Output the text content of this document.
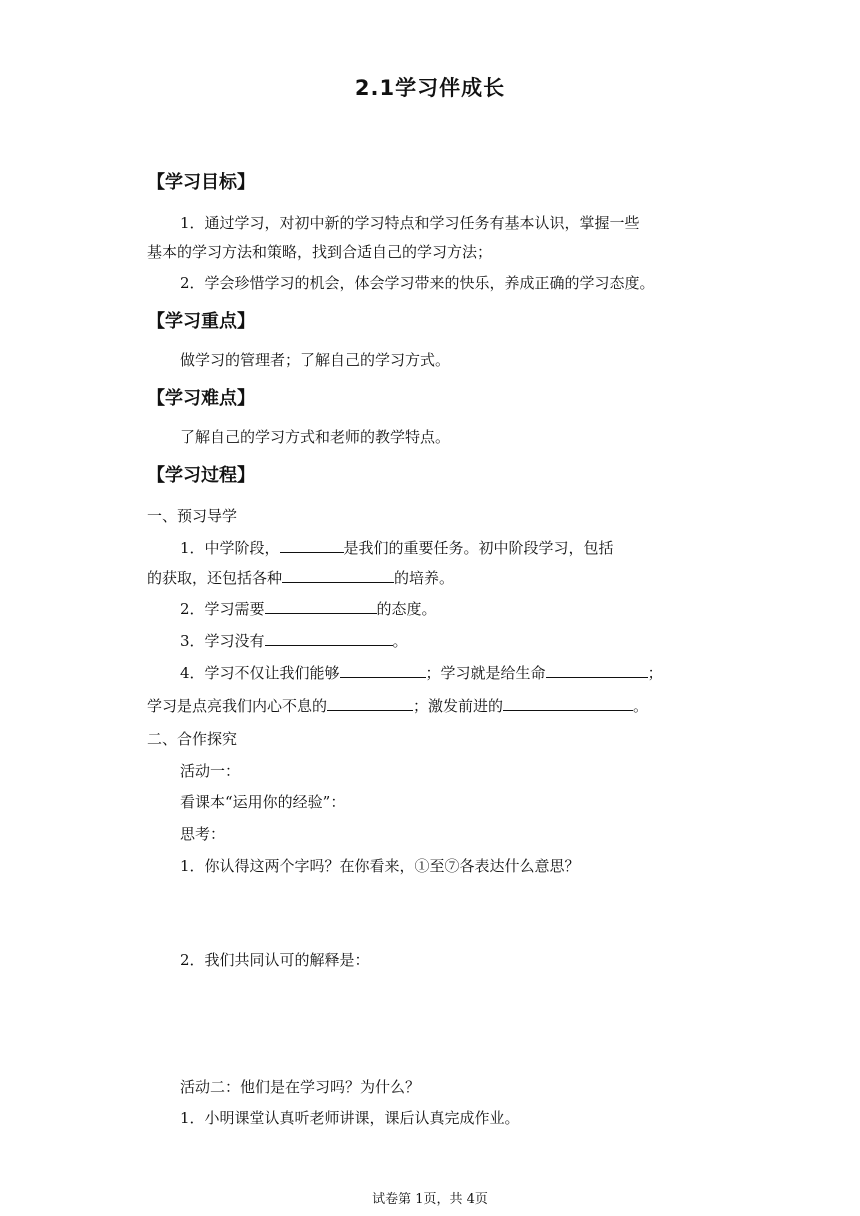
2.1学习伴成长
【学习目标】
1．通过学习，对初中新的学习特点和学习任务有基本认识，掌握一些
基本的学习方法和策略，找到合适自己的学习方法；
2．学会珍惜学习的机会，体会学习带来的快乐，养成正确的学习态度。
【学习重点】
做学习的管理者；了解自己的学习方式。
【学习难点】
了解自己的学习方式和老师的教学特点。
【学习过程】
一、预习导学
1．中学阶段，	是我们的重要任务。初中阶段学习，包括
的获取，还包括各种	的培养。
2．学习需要	的态度。
3．学习没有	。
4．学习不仅让我们能够	；学习就是给生命	；
学习是点亮我们内心不息的	；激发前进的	。
二、合作探究
活动一：
看课本“运用你的经验”：
思考：
1．你认得这两个字吗？在你看来，①至⑦各表达什么意思？
2．我们共同认可的解释是：
活动二：他们是在学习吗？为什么？
1．小明课堂认真听老师讲课，课后认真完成作业。
试卷第 1页，共 4页
